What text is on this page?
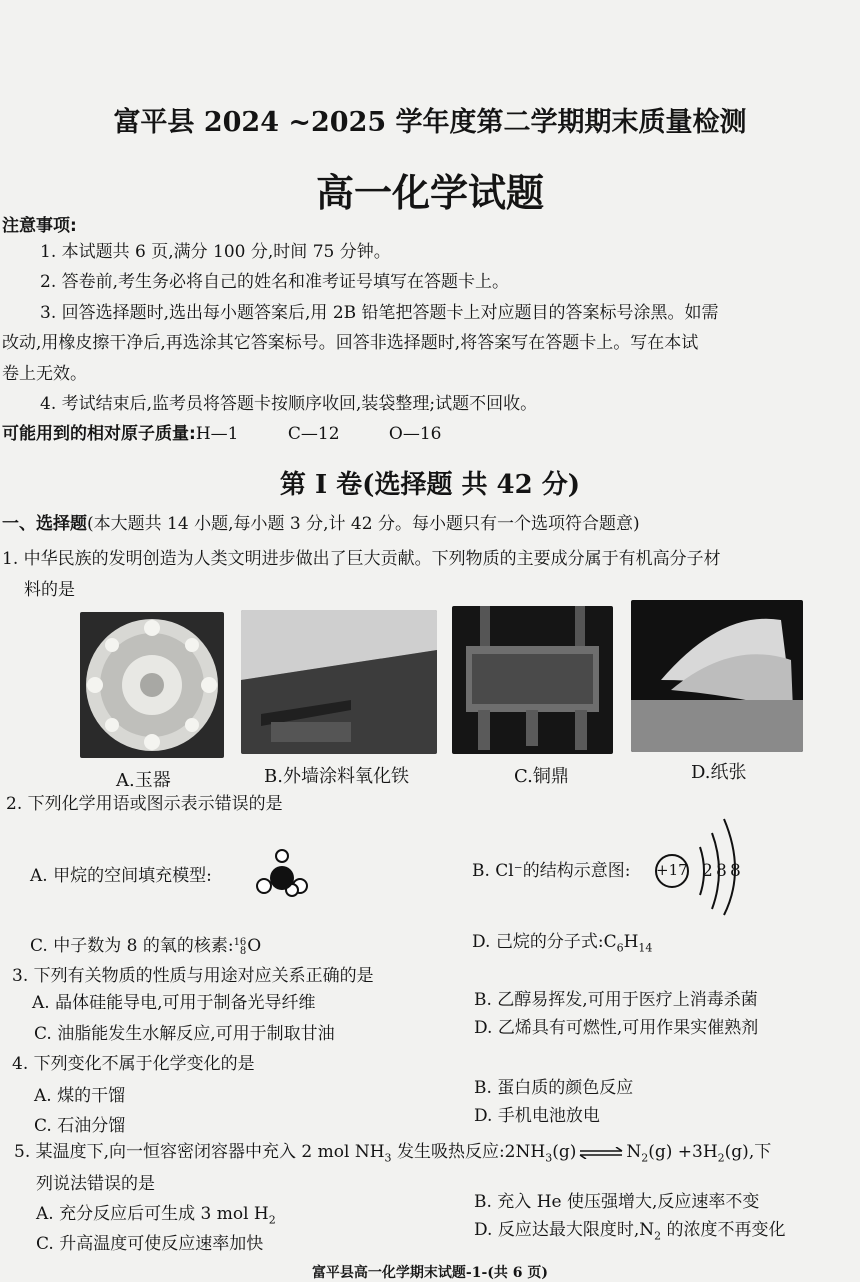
富平县 2024 ~2025 学年度第二学期期末质量检测
高一化学试题
注意事项:
1. 本试题共 6 页,满分 100 分,时间 75 分钟。
2. 答卷前,考生务必将自己的姓名和准考证号填写在答题卡上。
3. 回答选择题时,选出每小题答案后,用 2B 铅笔把答题卡上对应题目的答案标号涂黑。如需
改动,用橡皮擦干净后,再选涂其它答案标号。回答非选择题时,将答案写在答题卡上。写在本试
卷上无效。
4. 考试结束后,监考员将答题卡按顺序收回,装袋整理;试题不回收。
可能用到的相对原子质量:H—1	C—12	O—16
第 I 卷(选择题 共 42 分)
一、选择题(本大题共 14 小题,每小题 3 分,计 42 分。每小题只有一个选项符合题意)
1. 中华民族的发明创造为人类文明进步做出了巨大贡献。下列物质的主要成分属于有机高分子材
料的是
A.玉器	B.外墙涂料氧化铁	C.铜鼎	D.纸张
2. 下列化学用语或图示表示错误的是
A. 甲烷的空间填充模型:	B. Cl⁻的结构示意图: +17 2 8 8
C. 中子数为 8 的氧的核素: 16
8 O	D. 己烷的分子式$:C_6H_{14}$
3. 下列有关物质的性质与用途对应关系正确的是
A. 晶体硅能导电,可用于制备光导纤维	B. 乙醇易挥发,可用于医疗上消毒杀菌
C. 油脂能发生水解反应,可用于制取甘油	D. 乙烯具有可燃性,可用作果实催熟剂
4. 下列变化不属于化学变化的是
A. 煤的干馏	B. 蛋白质的颜色反应
C. 石油分馏	D. 手机电池放电
5. 某温度下,向一恒容密闭容器中充入 2 mol $NH_3$ 发生吸热反应$:2NH_3(g)$ ⇌ $N_2(g) +3H_2(g)$,下
列说法错误的是
A. 充分反应后可生成 3 mol $H_2$
B. 充入 He 使压强增大,反应速率不变
C. 升高温度可使反应速率加快
D. 反应达最大限度时$,N_2$ 的浓度不再变化
富平县高一化学期末试题-1-(共 6 页)
